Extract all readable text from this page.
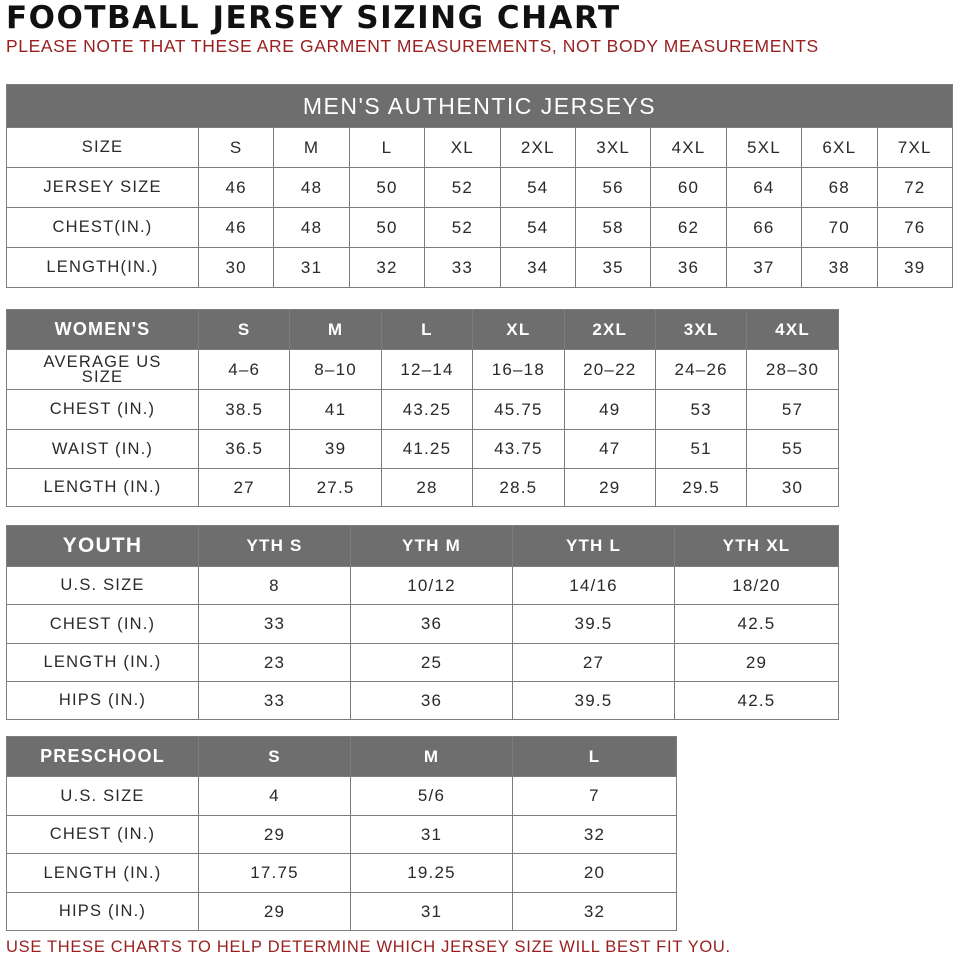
FOOTBALL JERSEY SIZING CHART
PLEASE NOTE THAT THESE ARE GARMENT MEASUREMENTS, NOT BODY MEASUREMENTS
MEN'S AUTHENTIC JERSEYS										
SIZE	S	M	L	XL	2XL	3XL	4XL	5XL	6XL	7XL
JERSEY SIZE	46	48	50	52	54	56	60	64	68	72
CHEST(IN.)	46	48	50	52	54	58	62	66	70	76
LENGTH(IN.)	30	31	32	33	34	35	36	37	38	39
WOMEN'S	S	M	L	XL	2XL	3XL	4XL
AVERAGE US SIZE	4–6	8–10	12–14	16–18	20–22	24–26	28–30
CHEST (IN.)	38.5	41	43.25	45.75	49	53	57
WAIST (IN.)	36.5	39	41.25	43.75	47	51	55
LENGTH (IN.)	27	27.5	28	28.5	29	29.5	30
YOUTH	YTH S	YTH M	YTH L	YTH XL
U.S. SIZE	8	10/12	14/16	18/20
CHEST (IN.)	33	36	39.5	42.5
LENGTH (IN.)	23	25	27	29
HIPS (IN.)	33	36	39.5	42.5
PRESCHOOL	S	M	L
U.S. SIZE	4	5/6	7
CHEST (IN.)	29	31	32
LENGTH (IN.)	17.75	19.25	20
HIPS (IN.)	29	31	32
USE THESE CHARTS TO HELP DETERMINE WHICH JERSEY SIZE WILL BEST FIT YOU.
